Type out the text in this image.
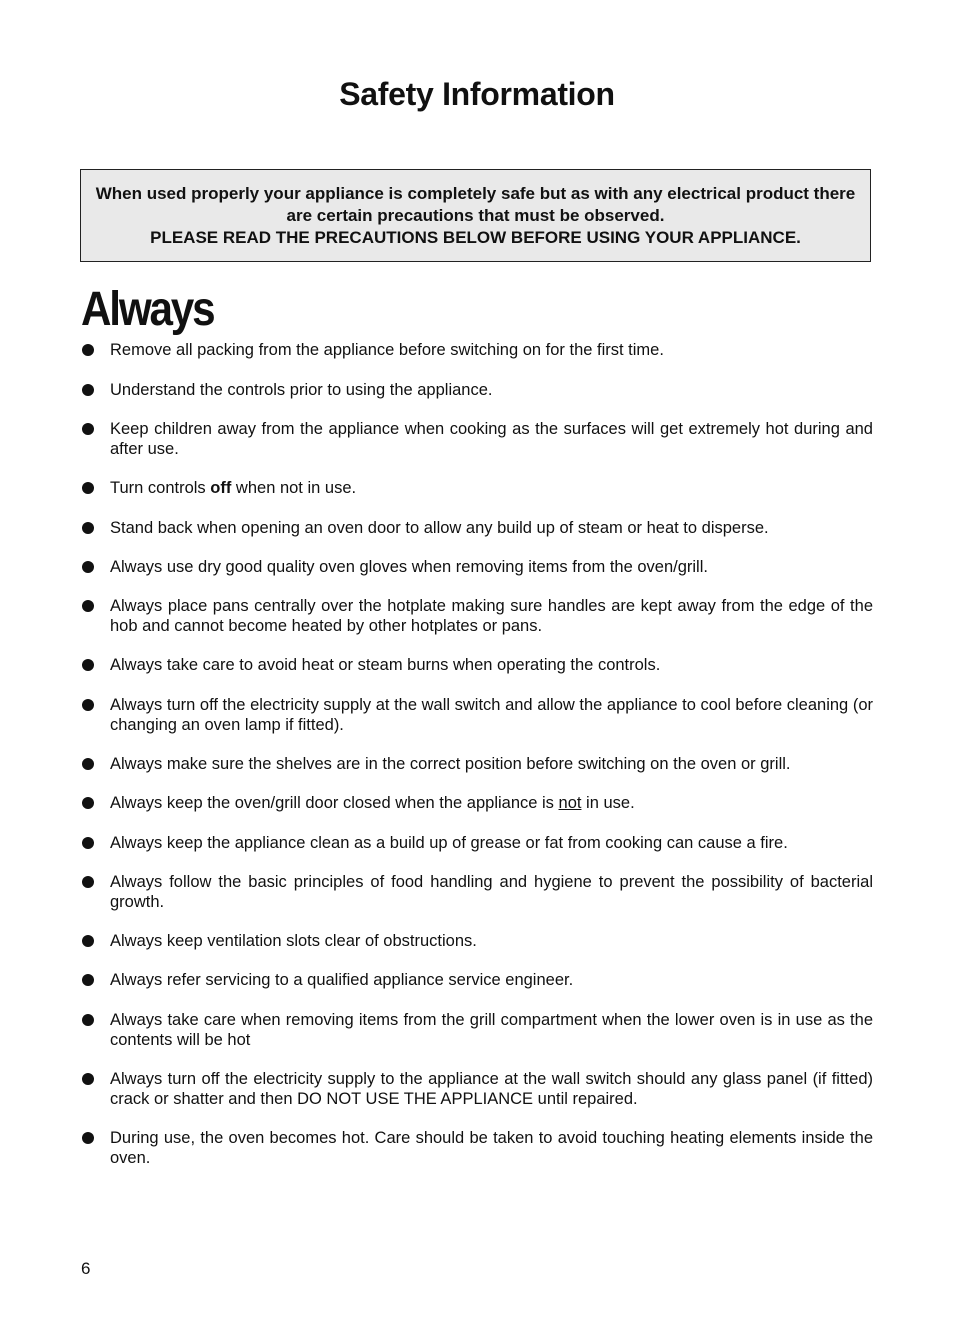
Safety Information

When used properly your appliance is completely safe but as with any electrical product there are certain precautions that must be observed.

PLEASE READ THE PRECAUTIONS BELOW BEFORE USING YOUR APPLIANCE.

Always
Remove all packing from the appliance before switching on for the first time.
Understand the controls prior to using the appliance.
Keep children away from the appliance when cooking as the surfaces will get extremely hot during and after use.
Turn controls off when not in use.
Stand back when opening an oven door to allow any build up of steam or heat to disperse.
Always use dry good quality oven gloves when removing items from the oven/grill.
Always place pans centrally over the hotplate making sure handles are kept away from the edge of the hob and cannot become heated by other hotplates or pans.
Always take care to avoid heat or steam burns when operating the controls.
Always turn off the electricity supply at the wall switch and allow the appliance to cool before cleaning (or changing an oven lamp if fitted).
Always make sure the shelves are in the correct position before switching on the oven or grill.
Always keep the oven/grill door closed when the appliance is not in use.
Always keep the appliance clean as a build up of grease or fat from cooking can cause a fire.
Always follow the basic principles of food handling and hygiene to prevent the possibility of bacterial growth.
Always keep ventilation slots clear of obstructions.
Always refer servicing to a qualified appliance service engineer.
Always take care when removing items from the grill compartment when the lower oven is in use as the contents will be hot
Always turn off the electricity supply to the appliance at the wall switch should any glass panel (if fitted) crack or shatter and then DO NOT USE THE APPLIANCE until repaired.
During use, the oven becomes hot. Care should be taken to avoid touching heating elements inside the oven.
6
